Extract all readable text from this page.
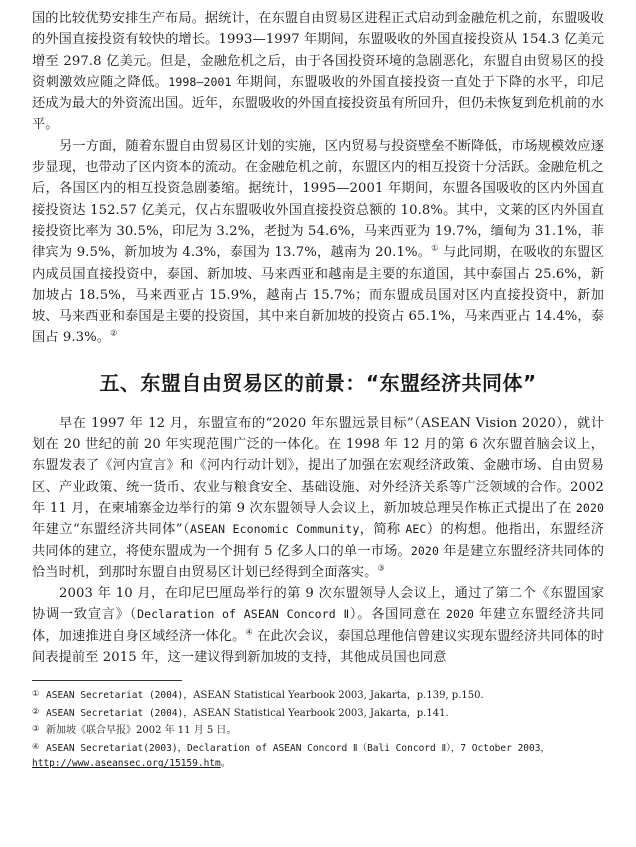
国的比较优势安排生产布局。据统计，在东盟自由贸易区进程正式启动到金融危机之前，东盟吸收的外国直接投资有较快的增长。1993—1997 年期间，东盟吸收的外国直接投资从 154.3 亿美元增至 297.8 亿美元。但是，金融危机之后，由于各国投资环境的急剧恶化，东盟自由贸易区的投资刺激效应随之降低。1998—2001 年期间，东盟吸收的外国直接投资一直处于下降的水平，印尼还成为最大的外资流出国。近年，东盟吸收的外国直接投资虽有所回升，但仍未恢复到危机前的水平。

另一方面，随着东盟自由贸易区计划的实施，区内贸易与投资壁垒不断降低，市场规模效应逐步显现，也带动了区内资本的流动。在金融危机之前，东盟区内的相互投资十分活跃。金融危机之后，各国区内的相互投资急剧萎缩。据统计，1995—2001 年期间，东盟各国吸收的区内外国直接投资达 152.57 亿美元，仅占东盟吸收外国直接投资总额的 10.8%。其中，文莱的区内外国直接投资比率为 30.5%，印尼为 3.2%，老挝为 54.6%，马来西亚为 19.7%，缅甸为 31.1%，菲律宾为 9.5%，新加坡为 4.3%，泰国为 13.7%，越南为 20.1%。① 与此同期，在吸收的东盟区内成员国直接投资中，泰国、新加坡、马来西亚和越南是主要的东道国，其中泰国占 25.6%，新加坡占 18.5%，马来西亚占 15.9%，越南占 15.7%；而东盟成员国对区内直接投资中，新加坡、马来西亚和泰国是主要的投资国，其中来自新加坡的投资占 65.1%，马来西亚占 14.4%，泰国占 9.3%。②

五、东盟自由贸易区的前景：“东盟经济共同体”

早在 1997 年 12 月，东盟宣布的“2020 年东盟远景目标”（ASEAN Vision 2020），就计划在 20 世纪的前 20 年实现范围广泛的一体化。在 1998 年 12 月的第 6 次东盟首脑会议上，东盟发表了《河内宣言》和《河内行动计划》，提出了加强在宏观经济政策、金融市场、自由贸易区、产业政策、统一货币、农业与粮食安全、基础设施、对外经济关系等广泛领域的合作。2002 年 11 月，在柬埔寨金边举行的第 9 次东盟领导人会议上，新加坡总理吴作栋正式提出了在 2020 年建立“东盟经济共同体”（ASEAN Economic Community，简称 AEC）的构想。他指出，东盟经济共同体的建立，将使东盟成为一个拥有 5 亿多人口的单一市场。2020 年是建立东盟经济共同体的恰当时机，到那时东盟自由贸易区计划已经得到全面落实。③

2003 年 10 月，在印尼巴厘岛举行的第 9 次东盟领导人会议上，通过了第二个《东盟国家协调一致宣言》（Declaration of ASEAN Concord Ⅱ）。各国同意在 2020 年建立东盟经济共同体，加速推进自身区域经济一体化。④ 在此次会议，泰国总理他信曾建议实现东盟经济共同体的时间表提前至 2015 年，这一建议得到新加坡的支持，其他成员国也同意

① ASEAN Secretariat (2004)，ASEAN Statistical Yearbook 2003, Jakarta，p.139, p.150.
② ASEAN Secretariat (2004)，ASEAN Statistical Yearbook 2003, Jakarta，p.141.
③ 新加坡《联合早报》2002 年 11 月 5 日。
④ ASEAN Secretariat(2003)，Declaration of ASEAN Concord Ⅱ（Bali Concord Ⅱ），7 October 2003，
http://www.aseansec.org/15159.htm。
